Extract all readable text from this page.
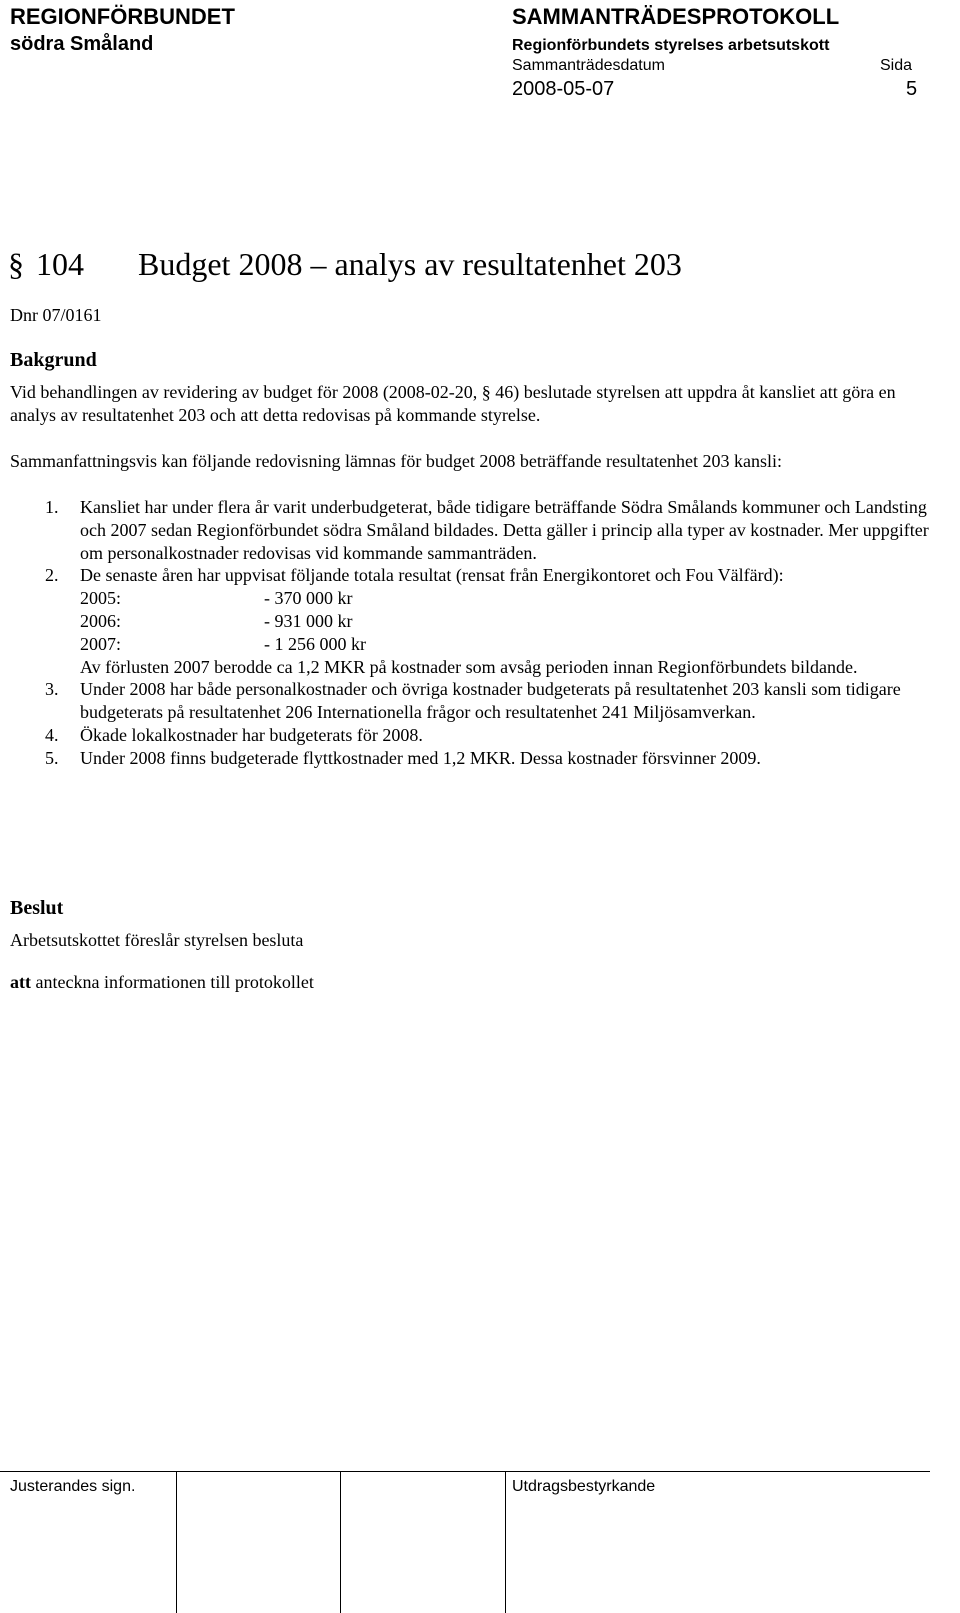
REGIONFÖRBUNDET
södra Småland
SAMMANTRÄDESPROTOKOLL
Regionförbundets styrelses arbetsutskott
Sammanträdesdatum	Sida
2008-05-07	5
§ 104 Budget 2008 – analys av resultatenhet 203
Dnr 07/0161
Bakgrund
Vid behandlingen av revidering av budget för 2008 (2008-02-20, § 46) beslutade styrelsen att uppdra åt kansliet att göra en analys av resultatenhet 203 och att detta redovisas på kommande styrelse.
Sammanfattningsvis kan följande redovisning lämnas för budget 2008 beträffande resultatenhet 203 kansli:
1. Kansliet har under flera år varit underbudgeterat, både tidigare beträffande Södra Smålands kommuner och Landsting och 2007 sedan Regionförbundet södra Småland bildades. Detta gäller i princip alla typer av kostnader. Mer uppgifter om personalkostnader redovisas vid kommande sammanträden.
2. De senaste åren har uppvisat följande totala resultat (rensat från Energikontoret och Fou Välfärd):
2005:	- 370 000 kr
2006:	- 931 000 kr
2007:	- 1 256 000 kr
Av förlusten 2007 berodde ca 1,2 MKR på kostnader som avsåg perioden innan Regionförbundets bildande.
3. Under 2008 har både personalkostnader och övriga kostnader budgeterats på resultatenhet 203 kansli som tidigare budgeterats på resultatenhet 206 Internationella frågor och resultatenhet 241 Miljösamverkan.
4. Ökade lokalkostnader har budgeterats för 2008.
5. Under 2008 finns budgeterade flyttkostnader med 1,2 MKR. Dessa kostnader försvinner 2009.
Beslut
Arbetsutskottet föreslår styrelsen besluta
att anteckna informationen till protokollet
Justerandes sign.	Utdragsbestyrkande
